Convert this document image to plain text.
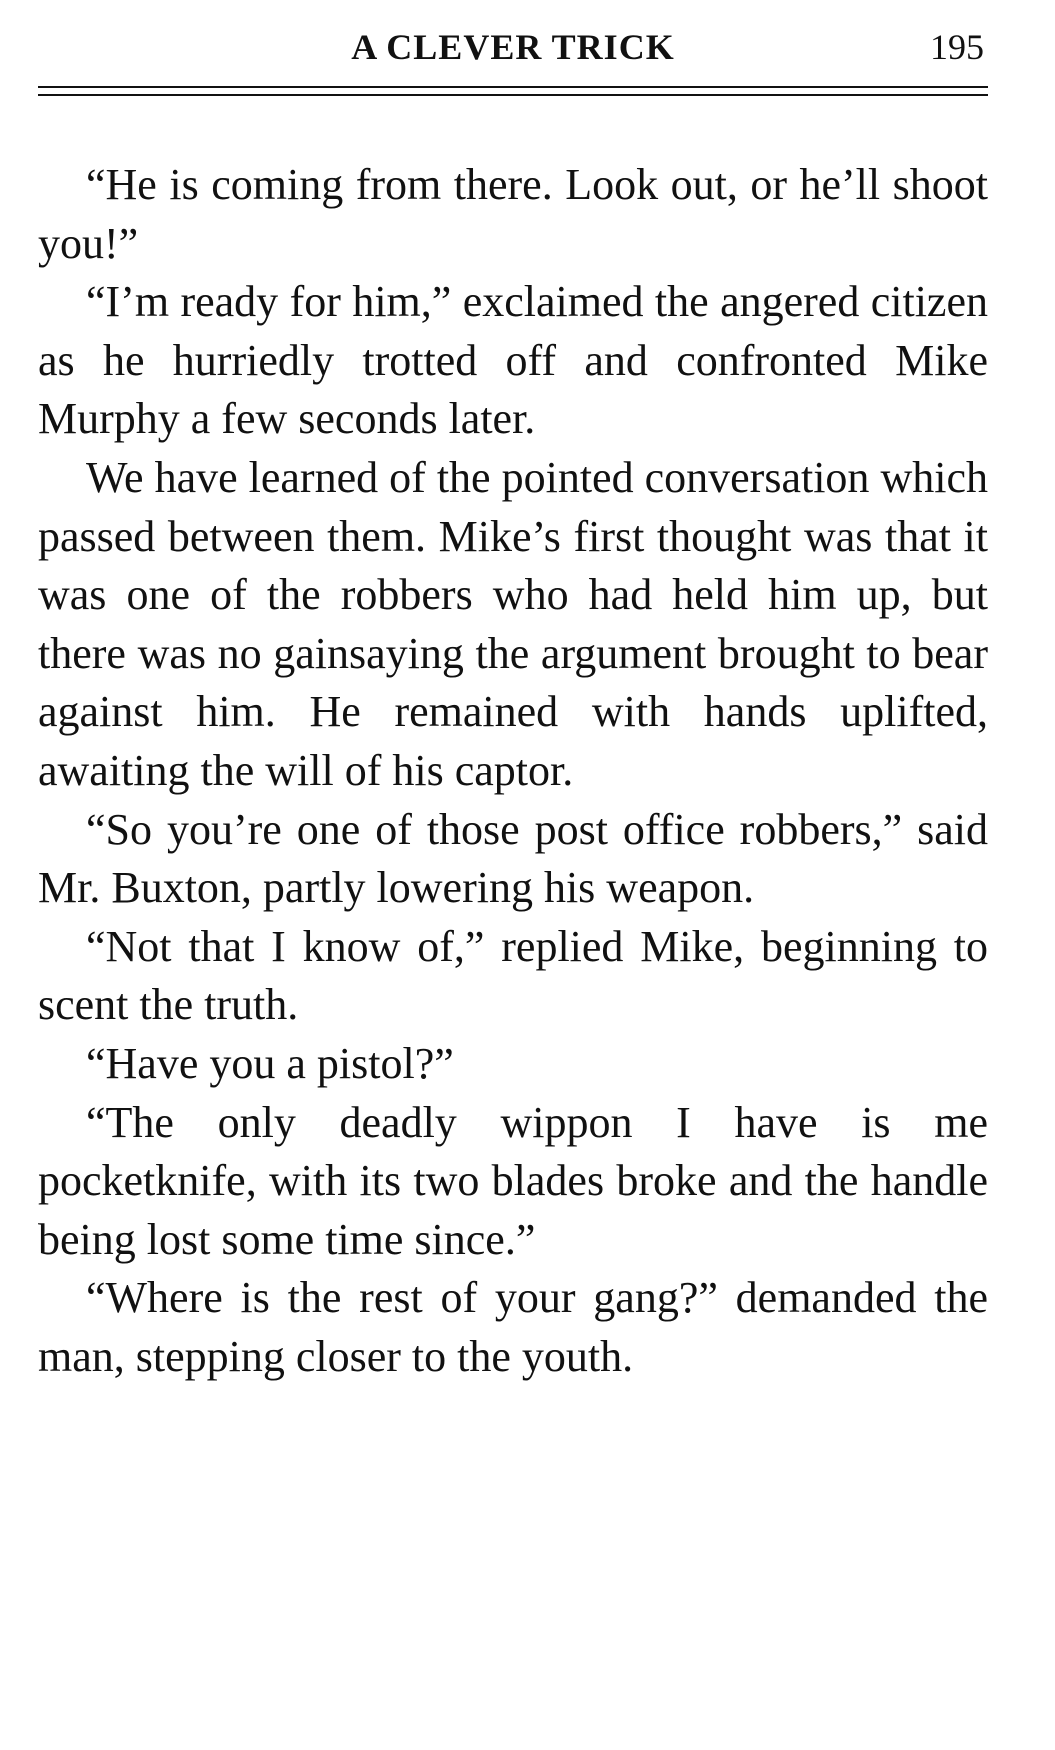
A CLEVER TRICK	195

“He is coming from there. Look out, or he’ll shoot you!”

“I’m ready for him,” exclaimed the angered citizen as he hurriedly trotted off and confronted Mike Murphy a few seconds later.

We have learned of the pointed conversation which passed between them. Mike’s first thought was that it was one of the robbers who had held him up, but there was no gainsaying the argument brought to bear against him. He remained with hands uplifted, awaiting the will of his captor.

“So you’re one of those post office robbers,” said Mr. Buxton, partly lowering his weapon.

“Not that I know of,” replied Mike, beginning to scent the truth.

“Have you a pistol?”

“The only deadly wippon I have is me pocketknife, with its two blades broke and the handle being lost some time since.”

“Where is the rest of your gang?” demanded the man, stepping closer to the youth.
